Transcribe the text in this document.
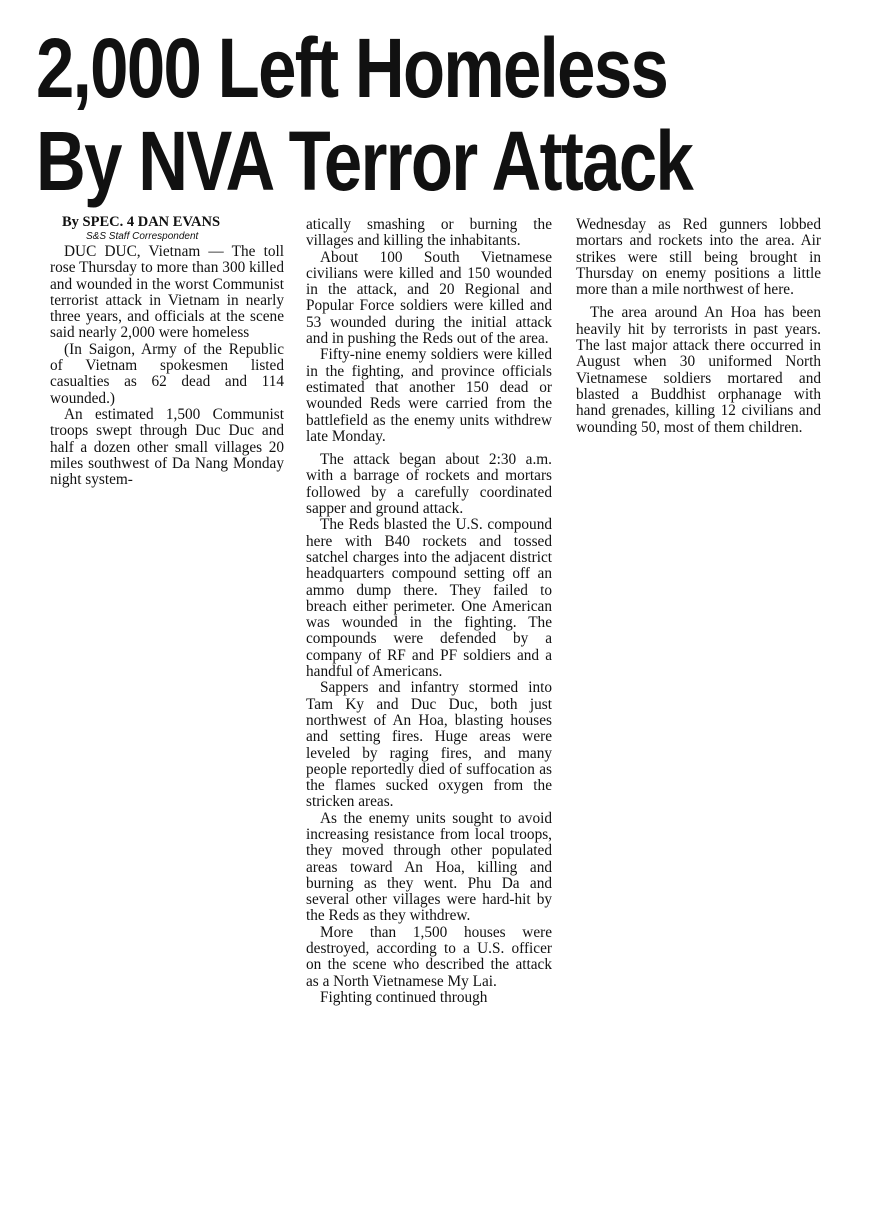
2,000 Left Homeless
By NVA Terror Attack
By SPEC. 4 DAN EVANS
S&S Staff Correspondent

DUC DUC, Vietnam — The toll rose Thursday to more than 300 killed and wounded in the worst Communist terrorist attack in Vietnam in nearly three years, and officials at the scene said nearly 2,000 were homeless

(In Saigon, Army of the Republic of Vietnam spokesmen listed casualties as 62 dead and 114 wounded.)

An estimated 1,500 Communist troops swept through Duc Duc and half a dozen other small villages 20 miles southwest of Da Nang Monday night system-

atically smashing or burning the villages and killing the inhabitants.

About 100 South Vietnamese civilians were killed and 150 wounded in the attack, and 20 Regional and Popular Force soldiers were killed and 53 wounded during the initial attack and in pushing the Reds out of the area.

Fifty-nine enemy soldiers were killed in the fighting, and province officials estimated that another 150 dead or wounded Reds were carried from the battlefield as the enemy units withdrew late Monday.

The attack began about 2:30 a.m. with a barrage of rockets and mortars followed by a carefully coordinated sapper and ground attack.

The Reds blasted the U.S. compound here with B40 rockets and tossed satchel charges into the adjacent district headquarters compound setting off an ammo dump there. They failed to breach either perimeter. One American was wounded in the fighting. The compounds were defended by a company of RF and PF soldiers and a handful of Americans.

Sappers and infantry stormed into Tam Ky and Duc Duc, both just northwest of An Hoa, blasting houses and setting fires. Huge areas were leveled by raging fires, and many people reportedly died of suffocation as the flames sucked oxygen from the stricken areas.

As the enemy units sought to avoid increasing resistance from local troops, they moved through other populated areas toward An Hoa, killing and burning as they went. Phu Da and several other villages were hard-hit by the Reds as they withdrew.

More than 1,500 houses were destroyed, according to a U.S. officer on the scene who described the attack as a North Vietnamese My Lai.

Fighting continued through

Wednesday as Red gunners lobbed mortars and rockets into the area. Air strikes were still being brought in Thursday on enemy positions a little more than a mile northwest of here.

The area around An Hoa has been heavily hit by terrorists in past years. The last major attack there occurred in August when 30 uniformed North Vietnamese soldiers mortared and blasted a Buddhist orphanage with hand grenades, killing 12 civilians and wounding 50, most of them children.
